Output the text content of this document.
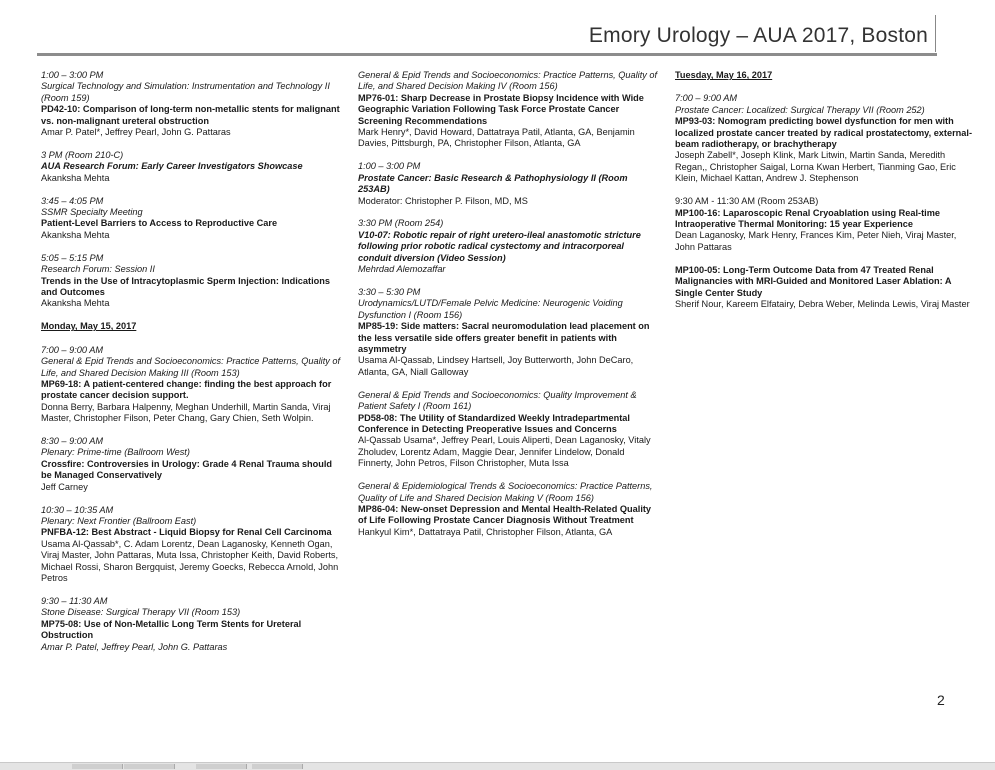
Emory Urology – AUA 2017, Boston
1:00 – 3:00 PM
Surgical Technology and Simulation: Instrumentation and Technology II (Room 159)
PD42-10: Comparison of long-term non-metallic stents for malignant vs. non-malignant ureteral obstruction
Amar P. Patel*, Jeffrey Pearl, John G. Pattaras
3 PM (Room 210-C)
AUA Research Forum: Early Career Investigators Showcase
Akanksha Mehta
3:45 – 4:05 PM
SSMR Specialty Meeting
Patient-Level Barriers to Access to Reproductive Care
Akanksha Mehta
5:05 – 5:15 PM
Research Forum: Session II
Trends in the Use of Intracytoplasmic Sperm Injection: Indications and Outcomes
Akanksha Mehta
Monday, May 15, 2017
7:00 – 9:00 AM
General & Epid Trends and Socioeconomics: Practice Patterns, Quality of Life, and Shared Decision Making III (Room 153)
MP69-18: A patient-centered change: finding the best approach for prostate cancer decision support.
Donna Berry, Barbara Halpenny, Meghan Underhill, Martin Sanda, Viraj Master, Christopher Filson, Peter Chang, Gary Chien, Seth Wolpin.
8:30 – 9:00 AM
Plenary: Prime-time (Ballroom West)
Crossfire: Controversies in Urology: Grade 4 Renal Trauma should be Managed Conservatively
Jeff Carney
10:30 – 10:35 AM
Plenary: Next Frontier (Ballroom East)
PNFBA-12: Best Abstract - Liquid Biopsy for Renal Cell Carcinoma
Usama Al-Qassab*, C. Adam Lorentz, Dean Laganosky, Kenneth Ogan, Viraj Master, John Pattaras, Muta Issa, Christopher Keith, David Roberts, Michael Rossi, Sharon Bergquist, Jeremy Goecks, Rebecca Arnold, John Petros
9:30 – 11:30 AM
Stone Disease: Surgical Therapy VII (Room 153)
MP75-08: Use of Non-Metallic Long Term Stents for Ureteral Obstruction
Amar P. Patel, Jeffrey Pearl, John G. Pattaras
General & Epid Trends and Socioeconomics: Practice Patterns, Quality of Life, and Shared Decision Making IV (Room 156)
MP76-01: Sharp Decrease in Prostate Biopsy Incidence with Wide Geographic Variation Following Task Force Prostate Cancer Screening Recommendations
Mark Henry*, David Howard, Dattatraya Patil, Atlanta, GA, Benjamin Davies, Pittsburgh, PA, Christopher Filson, Atlanta, GA
1:00 – 3:00 PM
Prostate Cancer: Basic Research & Pathophysiology II (Room 253AB)
Moderator: Christopher P. Filson, MD, MS
3:30 PM (Room 254)
V10-07: Robotic repair of right uretero-ileal anastomotic stricture following prior robotic radical cystectomy and intracorporeal conduit diversion (Video Session)
Mehrdad Alemozaffar
3:30 – 5:30 PM
Urodynamics/LUTD/Female Pelvic Medicine: Neurogenic Voiding Dysfunction I (Room 156)
MP85-19: Side matters: Sacral neuromodulation lead placement on the less versatile side offers greater benefit in patients with asymmetry
Usama Al-Qassab, Lindsey Hartsell, Joy Butterworth, John DeCaro, Atlanta, GA, Niall Galloway
General & Epid Trends and Socioeconomics: Quality Improvement & Patient Safety I (Room 161)
PD58-08: The Utility of Standardized Weekly Intradepartmental Conference in Detecting Preoperative Issues and Concerns
Al-Qassab Usama*, Jeffrey Pearl, Louis Aliperti, Dean Laganosky, Vitaly Zholudev, Lorentz Adam, Maggie Dear, Jennifer Lindelow, Donald Finnerty, John Petros, Filson Christopher, Muta Issa
General & Epidemiological Trends & Socioeconomics: Practice Patterns, Quality of Life and Shared Decision Making V (Room 156)
MP86-04: New-onset Depression and Mental Health-Related Quality of Life Following Prostate Cancer Diagnosis Without Treatment
Hankyul Kim*, Dattatraya Patil, Christopher Filson, Atlanta, GA
Tuesday, May 16, 2017
7:00 – 9:00 AM
Prostate Cancer: Localized: Surgical Therapy VII (Room 252)
MP93-03: Nomogram predicting bowel dysfunction for men with localized prostate cancer treated by radical prostatectomy, external-beam radiotherapy, or brachytherapy
Joseph Zabell*, Joseph Klink, Mark Litwin, Martin Sanda, Meredith Regan,, Christopher Saigal, Lorna Kwan Herbert, Tianming Gao, Eric Klein, Michael Kattan, Andrew J. Stephenson
9:30 AM - 11:30 AM (Room 253AB)
MP100-16: Laparoscopic Renal Cryoablation using Real-time Intraoperative Thermal Monitoring: 15 year Experience
Dean Laganosky, Mark Henry, Frances Kim, Peter Nieh, Viraj Master, John Pattaras
MP100-05: Long-Term Outcome Data from 47 Treated Renal Malignancies with MRI-Guided and Monitored Laser Ablation: A Single Center Study
Sherif Nour, Kareem Elfatairy, Debra Weber, Melinda Lewis, Viraj Master
2
